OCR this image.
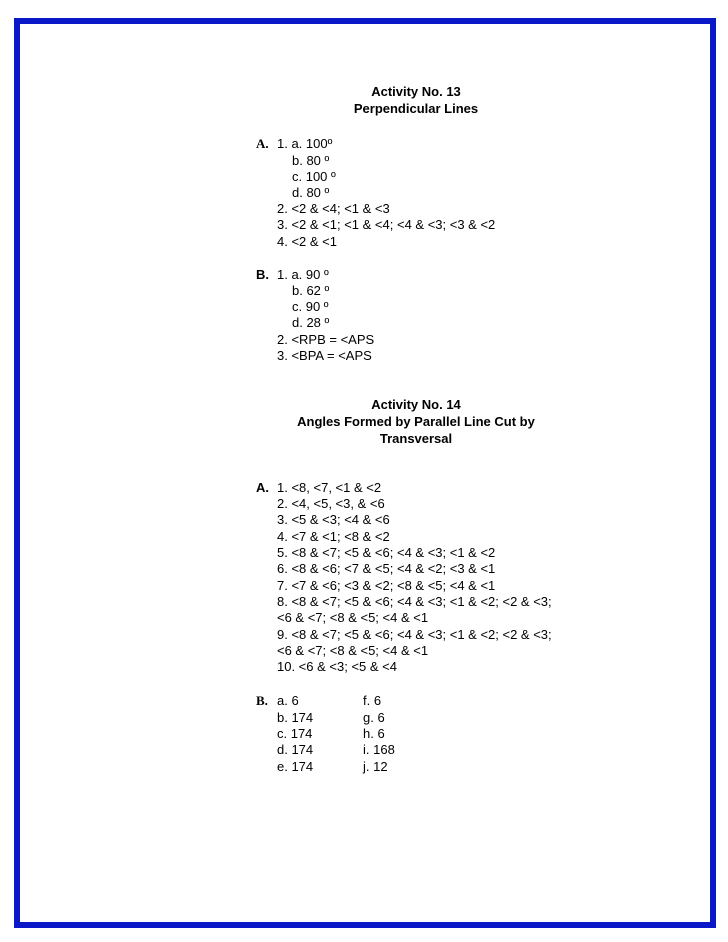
Activity No. 13
Perpendicular Lines
A. 1. a. 100º
b. 80 º
c. 100 º
d. 80 º
2. <2 & <4; <1 & <3
3. <2 & <1; <1 & <4; <4 & <3; <3 & <2
4. <2 & <1
B. 1. a. 90 º
b. 62 º
c. 90 º
d. 28 º
2. <RPB = <APS
3. <BPA = <APS
Activity No. 14
Angles Formed by Parallel Line Cut by
Transversal
A. 1. <8, <7, <1 & <2
2. <4, <5, <3, & <6
3. <5 & <3; <4 & <6
4. <7 & <1; <8 & <2
5. <8 & <7; <5 & <6; <4 & <3; <1 & <2
6. <8 & <6; <7 & <5; <4 & <2; <3 & <1
7. <7 & <6; <3 & <2; <8 & <5; <4 & <1
8. <8 & <7; <5 & <6; <4 & <3; <1 & <2; <2 & <3;
<6 & <7; <8 & <5; <4 & <1
9. <8 & <7; <5 & <6; <4 & <3; <1 & <2; <2 & <3;
<6 & <7; <8 & <5; <4 & <1
10. <6 & <3; <5 & <4
B. a. 6
b. 174
c. 174
d. 174
e. 174
f. 6
g. 6
h. 6
i. 168
j. 12
